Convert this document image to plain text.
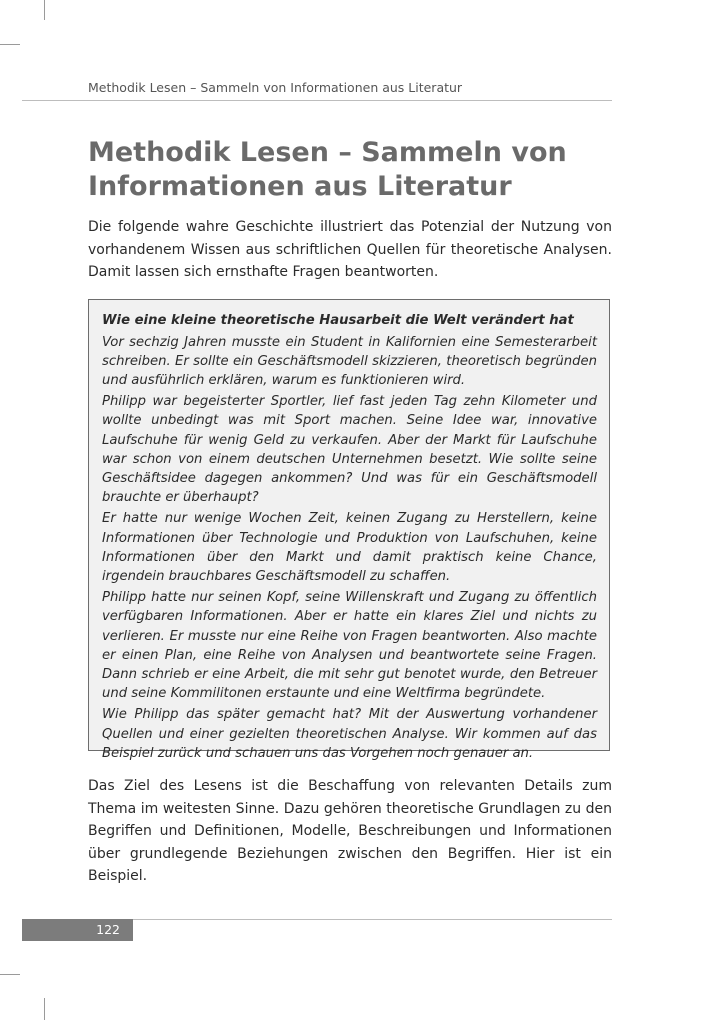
Methodik Lesen – Sammeln von Informationen aus Literatur
Methodik Lesen – Sammeln von Informationen aus Literatur

Die folgende wahre Geschichte illustriert das Potenzial der Nutzung von vorhandenem Wissen aus schriftlichen Quellen für theoretische Analysen. Damit lassen sich ernsthafte Fragen beantworten.

Wie eine kleine theoretische Hausarbeit die Welt verändert hat

Vor sechzig Jahren musste ein Student in Kalifornien eine Semesterarbeit schreiben. Er sollte ein Geschäftsmodell skizzieren, theoretisch begründen und ausführlich erklären, warum es funktionieren wird.

Philipp war begeisterter Sportler, lief fast jeden Tag zehn Kilometer und wollte unbedingt was mit Sport machen. Seine Idee war, innovative Laufschuhe für wenig Geld zu verkaufen. Aber der Markt für Laufschuhe war schon von einem deutschen Unternehmen besetzt. Wie sollte seine Geschäftsidee dagegen ankommen? Und was für ein Geschäftsmodell brauchte er überhaupt?

Er hatte nur wenige Wochen Zeit, keinen Zugang zu Herstellern, keine Informationen über Technologie und Produktion von Laufschuhen, keine Informationen über den Markt und damit praktisch keine Chance, irgendein brauchbares Geschäftsmodell zu schaffen.

Philipp hatte nur seinen Kopf, seine Willenskraft und Zugang zu öffentlich verfügbaren Informationen. Aber er hatte ein klares Ziel und nichts zu verlieren. Er musste nur eine Reihe von Fragen beantworten. Also machte er einen Plan, eine Reihe von Analysen und beantwortete seine Fragen. Dann schrieb er eine Arbeit, die mit sehr gut benotet wurde, den Betreuer und seine Kommilitonen erstaunte und eine Weltfirma begründete.

Wie Philipp das später gemacht hat? Mit der Auswertung vorhandener Quellen und einer gezielten theoretischen Analyse. Wir kommen auf das Beispiel zurück und schauen uns das Vorgehen noch genauer an.

Das Ziel des Lesens ist die Beschaffung von relevanten Details zum Thema im weitesten Sinne. Dazu gehören theoretische Grundlagen zu den Begriffen und Definitionen, Modelle, Beschreibungen und Informationen über grundlegende Beziehungen zwischen den Begriffen. Hier ist ein Beispiel.

122
